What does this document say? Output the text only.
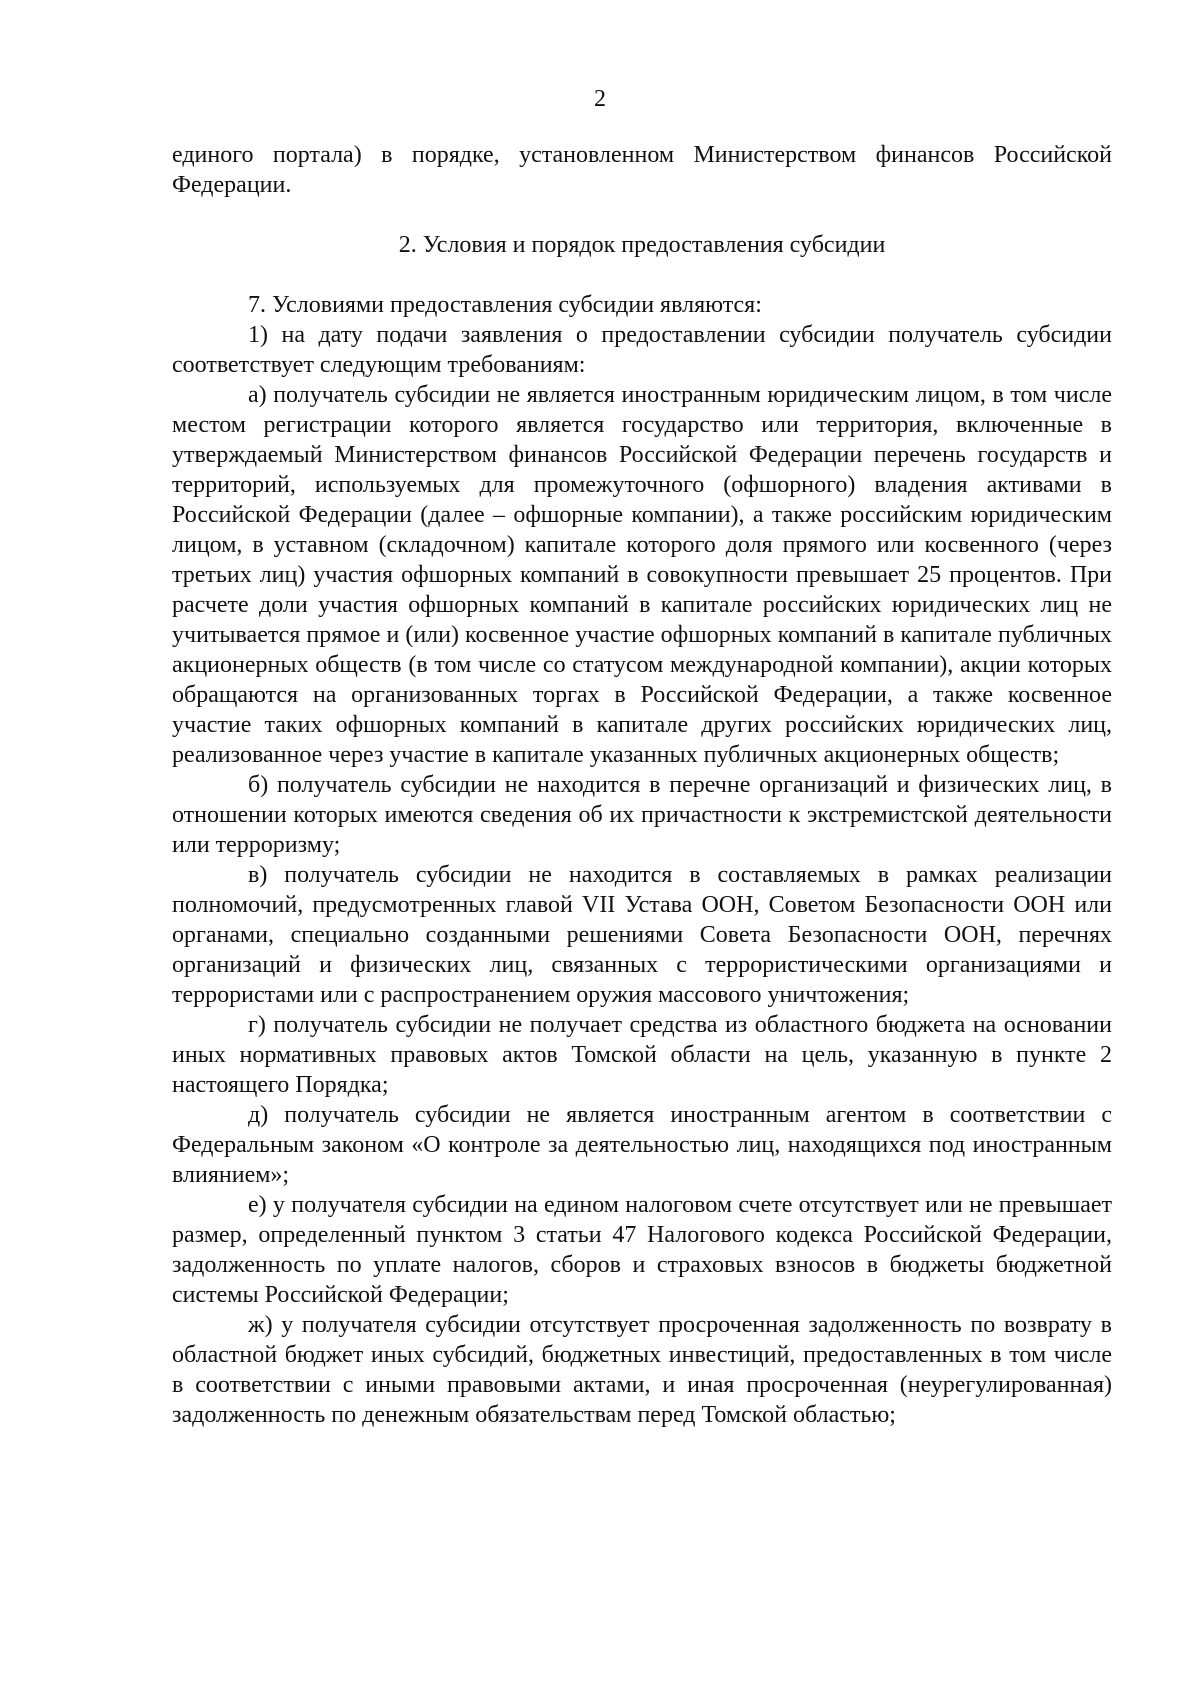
2

единого портала) в порядке, установленном Министерством финансов Российской Федерации.

2. Условия и порядок предоставления субсидии

7. Условиями предоставления субсидии являются:

1) на дату подачи заявления о предоставлении субсидии получатель субсидии соответствует следующим требованиям:

а) получатель субсидии не является иностранным юридическим лицом, в том числе местом регистрации которого является государство или территория, включенные в утверждаемый Министерством финансов Российской Федерации перечень государств и территорий, используемых для промежуточного (офшорного) владения активами в Российской Федерации (далее – офшорные компании), а также российским юридическим лицом, в уставном (складочном) капитале которого доля прямого или косвенного (через третьих лиц) участия офшорных компаний в совокупности превышает 25 процентов. При расчете доли участия офшорных компаний в капитале российских юридических лиц не учитывается прямое и (или) косвенное участие офшорных компаний в капитале публичных акционерных обществ (в том числе со статусом международной компании), акции которых обращаются на организованных торгах в Российской Федерации, а также косвенное участие таких офшорных компаний в капитале других российских юридических лиц, реализованное через участие в капитале указанных публичных акционерных обществ;

б) получатель субсидии не находится в перечне организаций и физических лиц, в отношении которых имеются сведения об их причастности к экстремистской деятельности или терроризму;

в) получатель субсидии не находится в составляемых в рамках реализации полномочий, предусмотренных главой VII Устава ООН, Советом Безопасности ООН или органами, специально созданными решениями Совета Безопасности ООН, перечнях организаций и физических лиц, связанных с террористическими организациями и террористами или с распространением оружия массового уничтожения;

г) получатель субсидии не получает средства из областного бюджета на основании иных нормативных правовых актов Томской области на цель, указанную в пункте 2 настоящего Порядка;

д) получатель субсидии не является иностранным агентом в соответствии с Федеральным законом «О контроле за деятельностью лиц, находящихся под иностранным влиянием»;

е) у получателя субсидии на едином налоговом счете отсутствует или не превышает размер, определенный пунктом 3 статьи 47 Налогового кодекса Российской Федерации, задолженность по уплате налогов, сборов и страховых взносов в бюджеты бюджетной системы Российской Федерации;

ж) у получателя субсидии отсутствует просроченная задолженность по возврату в областной бюджет иных субсидий, бюджетных инвестиций, предоставленных в том числе в соответствии с иными правовыми актами, и иная просроченная (неурегулированная) задолженность по денежным обязательствам перед Томской областью;
